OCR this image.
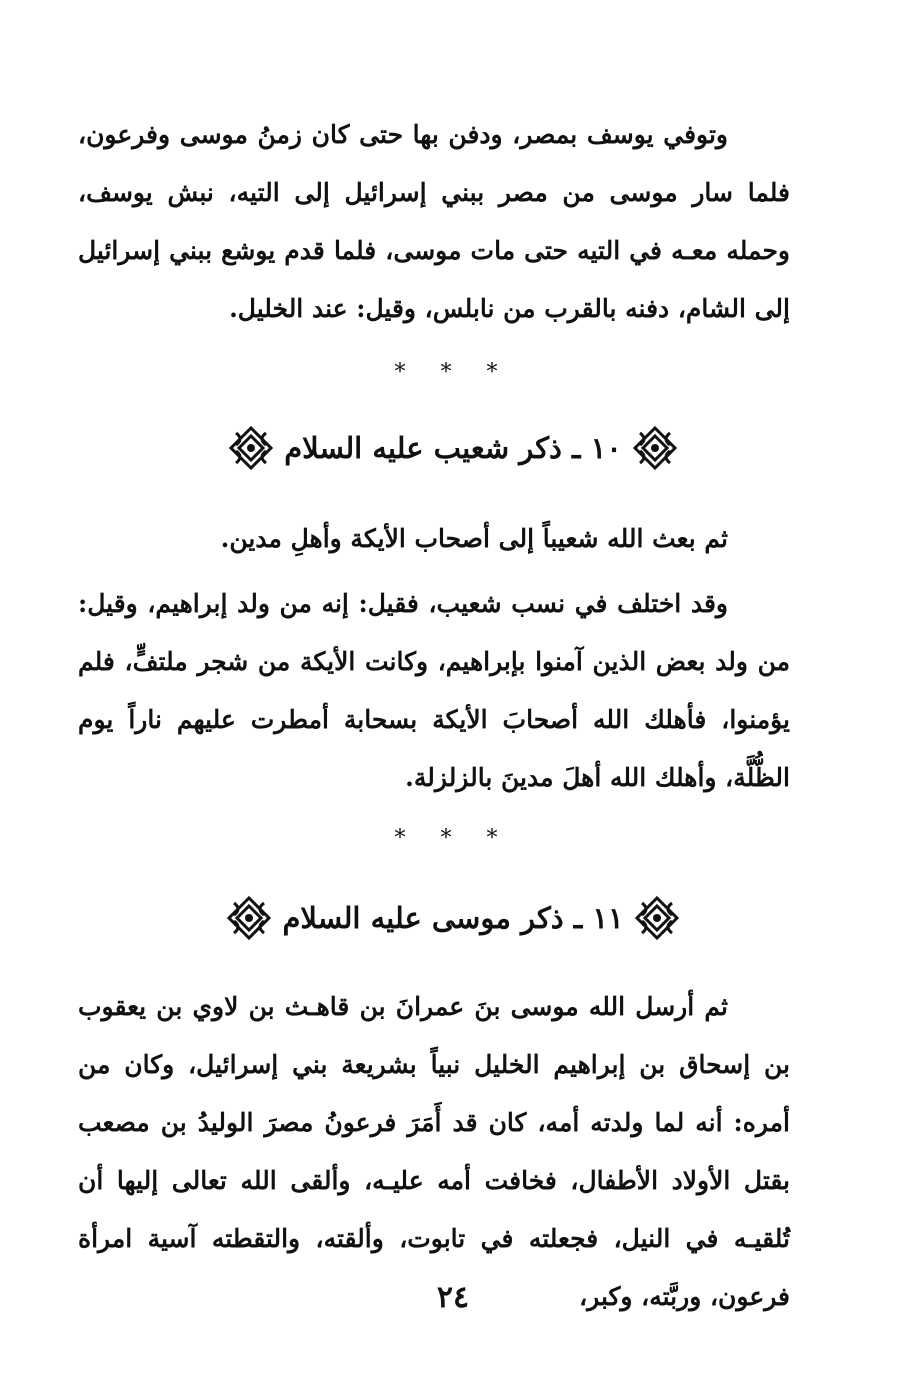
وتوفي يوسف بمصر، ودفن بها حتى كان زمنُ موسى وفرعون، فلما سار موسى من مصر ببني إسرائيل إلى التيه، نبش يوسف، وحمله معـه في التيه حتى مات موسى، فلما قدم يوشع ببني إسرائيل إلى الشام، دفنه بالقرب من نابلس، وقيل: عند الخليل.

* * *
١٠ ـ ذكر شعيب عليه السلام

ثم بعث الله شعيباً إلى أصحاب الأيكة وأهلِ مدين.

وقد اختلف في نسب شعيب، فقيل: إنه من ولد إبراهيم، وقيل: من ولد بعض الذين آمنوا بإبراهيم، وكانت الأيكة من شجر ملتفٍّ، فلم يؤمنوا، فأهلك الله أصحابَ الأيكة بسحابة أمطرت عليهم ناراً يوم الظُّلَّة، وأهلك الله أهلَ مدينَ بالزلزلة.

* * *
١١ ـ ذكر موسى عليه السلام

ثم أرسل الله موسى بنَ عمرانَ بن قاهـث بن لاوي بن يعقوب بن إسحاق بن إبراهيم الخليل نبياً بشريعة بني إسرائيل، وكان من أمره: أنه لما ولدته أمه، كان قد أَمَرَ فرعونُ مصرَ الوليدُ بن مصعب بقتل الأولاد الأطفال، فخافت أمه عليـه، وألقى الله تعالى إليها أن تُلقيـه في النيل، فجعلته في تابوت، وألقته، والتقطته آسية امرأة فرعون، وربَّته، وكبر،

٢٤
